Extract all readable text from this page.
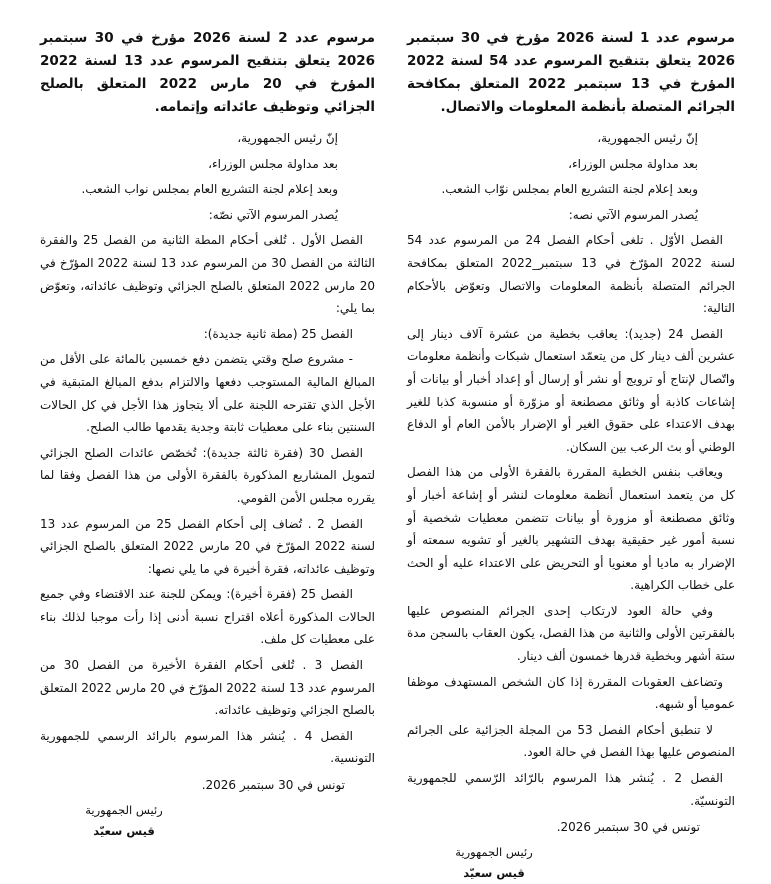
مرسوم عدد 1 لسنة 2026 مؤرخ في 30 سبتمبر 2026 يتعلق بتنقيح المرسوم عدد 54 لسنة 2022 المؤرخ في 13 سبتمبر 2022 المتعلق بمكافحة الجرائم المتصلة بأنظمة المعلومات والاتصال.
إنّ رئيس الجمهورية،
بعد مداولة مجلس الوزراء،
وبعد إعلام لجنة التشريع العام بمجلس نوّاب الشعب.
يُصدر المرسوم الآتي نصه:
الفصل الأوّل . تلغى أحكام الفصل 24 من المرسوم عدد 54 لسنة 2022 المؤرّخ في 13 سبتمبر_2022 المتعلق بمكافحة الجرائم المتصلة بأنظمة المعلومات والاتصال وتعوّض بالأحكام التالية:
الفصل 24 (جديد): يعاقب بخطية من عشرة آلاف دينار إلى عشرين ألف دينار كل من يتعمّد استعمال شبكات وأنظمة معلومات واتّصال لإنتاج أو ترويج أو نشر أو إرسال أو إعداد أخبار أو بيانات أو إشاعات كاذبة أو وثائق مصطنعة أو مزوّرة أو منسوبة كذبا للغير بهدف الاعتداء على حقوق الغير أو الإضرار بالأمن العام أو الدفاع الوطني أو بث الرعب بين السكان.
ويعاقب بنفس الخطية المقررة بالفقرة الأولى من هذا الفصل كل من يتعمد استعمال أنظمة معلومات لنشر أو إشاعة أخبار أو وثائق مصطنعة أو مزورة أو بيانات تتضمن معطيات شخصية أو نسبة أمور غير حقيقية بهدف التشهير بالغير أو تشويه سمعته أو الإضرار به ماديا أو معنويا أو التحريض على الاعتداء عليه أو الحث على خطاب الكراهية.
وفي حالة العود لارتكاب إحدى الجرائم المنصوص عليها بالفقرتين الأولى والثانية من هذا الفصل، يكون العقاب بالسجن مدة ستة أشهر وبخطية قدرها خمسون ألف دينار.
وتضاعف العقوبات المقررة إذا كان الشخص المستهدف موظفا عموميا أو شبهه.
لا تنطبق أحكام الفصل 53 من المجلة الجزائية على الجرائم المنصوص عليها بهذا الفصل في حالة العود.
الفصل 2 . يُنشر هذا المرسوم بالرّائد الرّسمي للجمهورية التونسيّة.
تونس في 30 سبتمبر 2026.
رئيس الجمهورية
قيس سعيّد
مرسوم عدد 2 لسنة 2026 مؤرخ في 30 سبتمبر 2026 يتعلق بتنقيح المرسوم عدد 13 لسنة 2022 المؤرخ في 20 مارس 2022 المتعلق بالصلح الجزائي وتوظيف عائداته وإتمامه.
إنّ رئيس الجمهورية،
بعد مداولة مجلس الوزراء،
وبعد إعلام لجنة التشريع العام بمجلس نواب الشعب.
يُصدر المرسوم الآتي نصّه:
الفصل الأول . تُلغى أحكام المطة الثانية من الفصل 25 والفقرة الثالثة من الفصل 30 من المرسوم عدد 13 لسنة 2022 المؤرّخ في 20 مارس 2022 المتعلق بالصلح الجزائي وتوظيف عائداته، وتعوّض بما يلي:
الفصل 25 (مطة ثانية جديدة):
- مشروع صلح وقتي يتضمن دفع خمسين بالمائة على الأقل من المبالغ المالية المستوجب دفعها والالتزام بدفع المبالغ المتبقية في الأجل الذي تقترحه اللجنة على ألا يتجاوز هذا الأجل في كل الحالات السنتين بناء على معطيات ثابتة وجدية يقدمها طالب الصلح.
الفصل 30 (فقرة ثالثة جديدة): تُخصّص عائدات الصلح الجزائي لتمويل المشاريع المذكورة بالفقرة الأولى من هذا الفصل وفقا لما يقرره مجلس الأمن القومي.
الفصل 2 . تُضاف إلى أحكام الفصل 25 من المرسوم عدد 13 لسنة 2022 المؤرّخ في 20 مارس 2022 المتعلق بالصلح الجزائي وتوظيف عائداته، فقرة أخيرة في ما يلي نصها:
الفصل 25 (فقرة أخيرة): ويمكن للجنة عند الاقتضاء وفي جميع الحالات المذكورة أعلاه اقتراح نسبة أدنى إذا رأت موجبا لذلك بناء على معطيات كل ملف.
الفصل 3 . تُلغى أحكام الفقرة الأخيرة من الفصل 30 من المرسوم عدد 13 لسنة 2022 المؤرّخ في 20 مارس 2022 المتعلق بالصلح الجزائي وتوظيف عائداته.
الفصل 4 . يُنشر هذا المرسوم بالرائد الرسمي للجمهورية التونسية.
تونس في 30 سبتمبر 2026.
رئيس الجمهورية
قيس سعيّد
